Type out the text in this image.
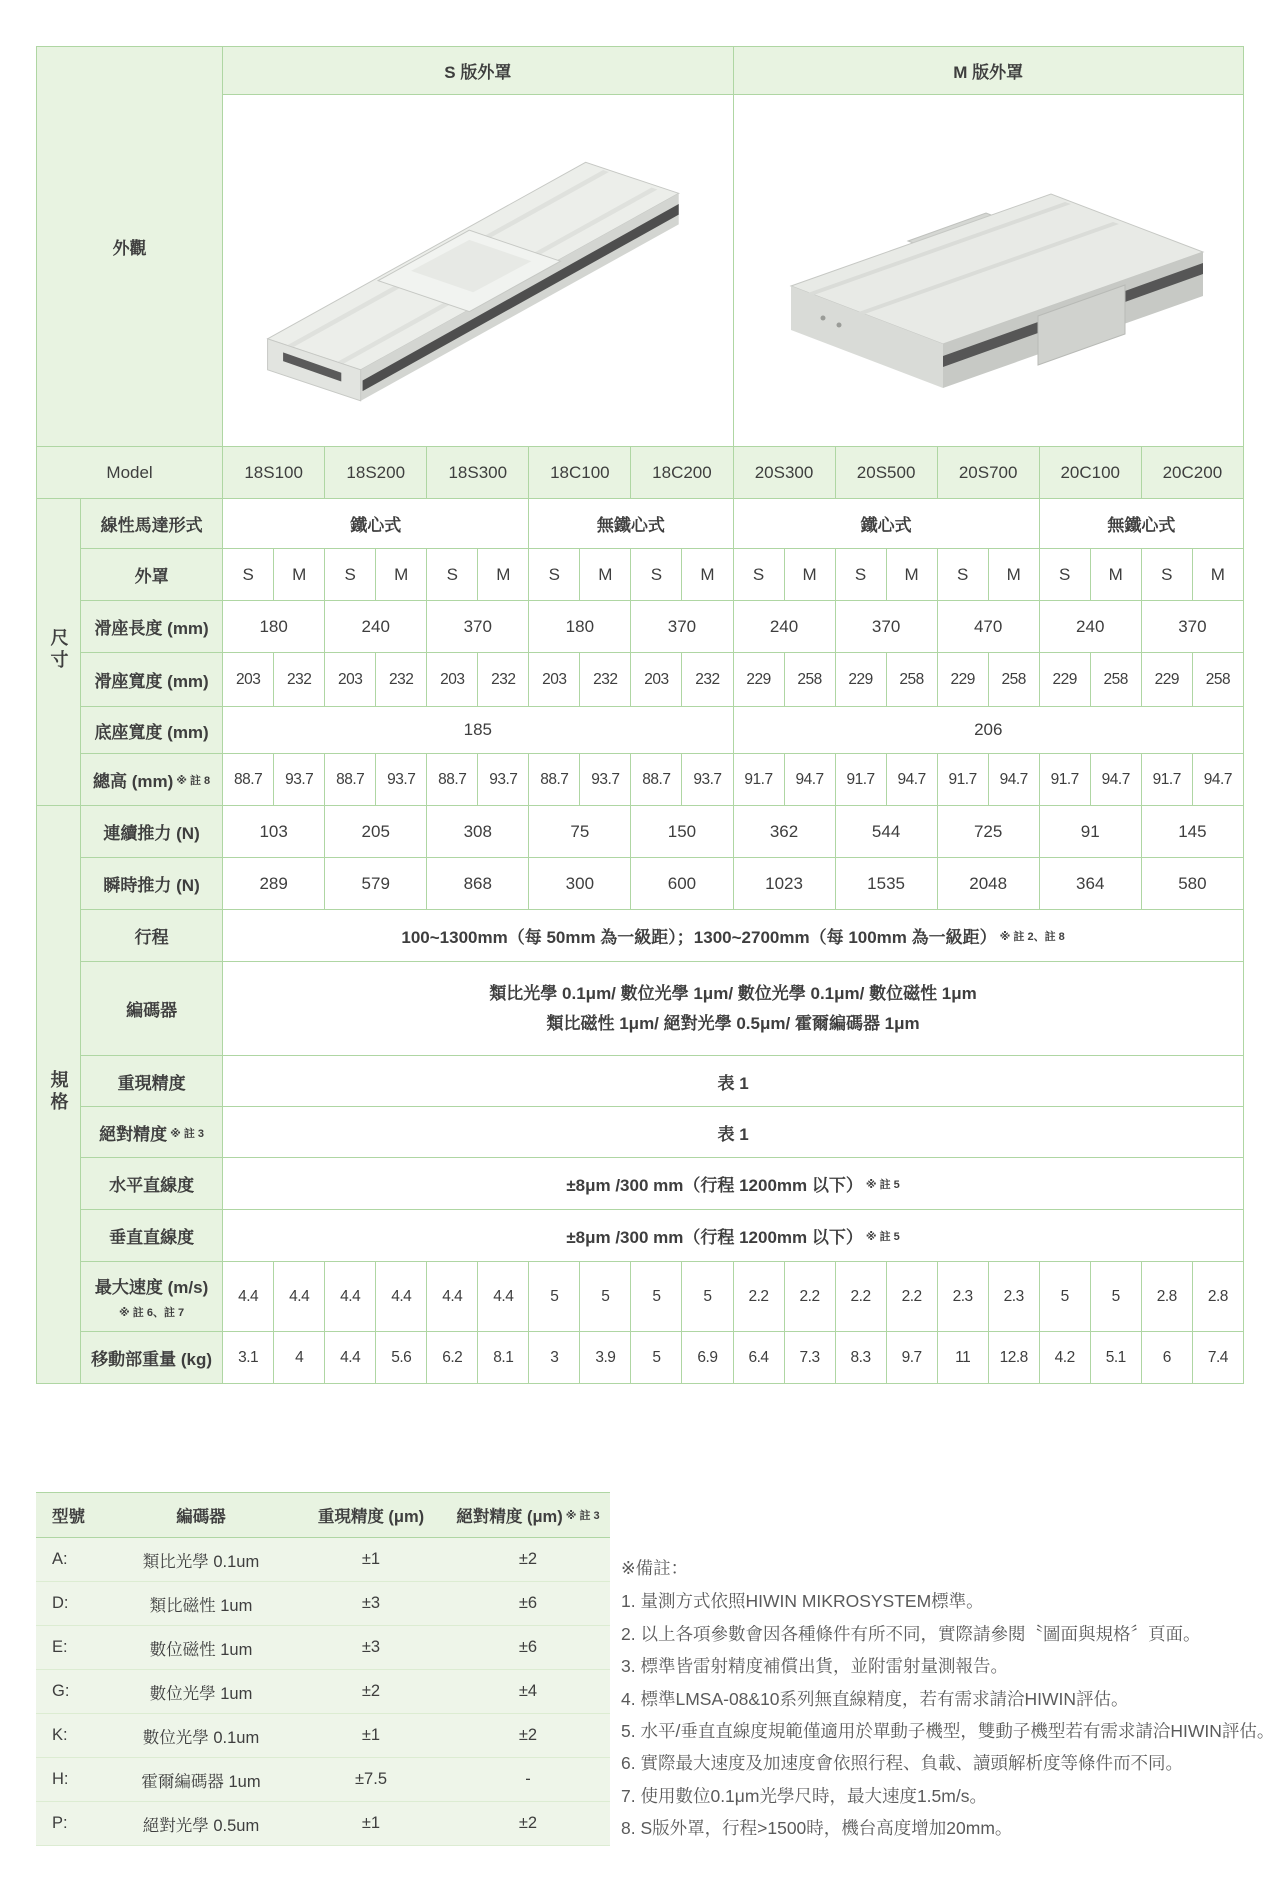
外觀		S 版外罩										M 版外罩									

Model		18S100		18S200		18S300		18C100		18C200		20S300		20S500		20S700		20C100		20C200	
尺寸	線性馬達形式	鐵心式						無鐵心式				鐵心式						無鐵心式			
	外罩	S	M	S	M	S	M	S	M	S	M	S	M	S	M	S	M	S	M	S	M
	滑座長度 (mm)	180		240		370		180		370		240		370		470		240		370	
	滑座寬度 (mm)	203	232	203	232	203	232	203	232	203	232	229	258	229	258	229	258	229	258	229	258
	底座寬度 (mm)	185										206									
	總高 (mm) ※ 註 8	88.7	93.7	88.7	93.7	88.7	93.7	88.7	93.7	88.7	93.7	91.7	94.7	91.7	94.7	91.7	94.7	91.7	94.7	91.7	94.7
規格	連續推力 (N)	103		205		308		75		150		362		544		725		91		145	
	瞬時推力 (N)	289		579		868		300		600		1023		1535		2048		364		580	
	行程	100~1300mm（每 50mm 為一級距）；1300~2700mm（每 100mm 為一級距） ※ 註 2、註 8																			
	編碼器	類比光學 0.1μm/ 數位光學 1μm/ 數位光學 0.1μm/ 數位磁性 1μm
類比磁性 1μm/ 絕對光學 0.5μm/ 霍爾編碼器 1μm																			

	重現精度	表 1																			
	絕對精度 ※ 註 3	表 1																			
	水平直線度	±8μm /300 mm（行程 1200mm 以下） ※ 註 5																			
	垂直直線度	±8μm /300 mm（行程 1200mm 以下） ※ 註 5																			

	最大速度 (m/s)
※ 註 6、註 7	4.4	4.4	4.4	4.4	4.4	4.4	5	5	5	5	2.2	2.2	2.2	2.2	2.3	2.3	5	5	2.8	2.8
	移動部重量 (kg)	3.1	4	4.4	5.6	6.2	8.1	3	3.9	5	6.9	6.4	7.3	8.3	9.7	11	12.8	4.2	5.1	6	7.4
型號	編碼器	重現精度 (μm)	絕對精度 (μm) ※ 註 3
A:	類比光學 0.1um	±1	±2
D:	類比磁性 1um	±3	±6
E:	數位磁性 1um	±3	±6
G:	數位光學 1um	±2	±4
K:	數位光學 0.1um	±1	±2
H:	霍爾編碼器 1um	±7.5	-
P:	絕對光學 0.5um	±1	±2
※備註：
1. 量測方式依照HIWIN MIKROSYSTEM標準。
2. 以上各項參數會因各種條件有所不同，實際請參閱〝圖面與規格〞頁面。
3. 標準皆雷射精度補償出貨，並附雷射量測報告。
4. 標準LMSA-08&10系列無直線精度，若有需求請洽HIWIN評估。
5. 水平/垂直直線度規範僅適用於單動子機型，雙動子機型若有需求請洽HIWIN評估。
6. 實際最大速度及加速度會依照行程、負載、讀頭解析度等條件而不同。
7. 使用數位0.1μm光學尺時，最大速度1.5m/s。
8. S版外罩，行程>1500時，機台高度增加20mm。
